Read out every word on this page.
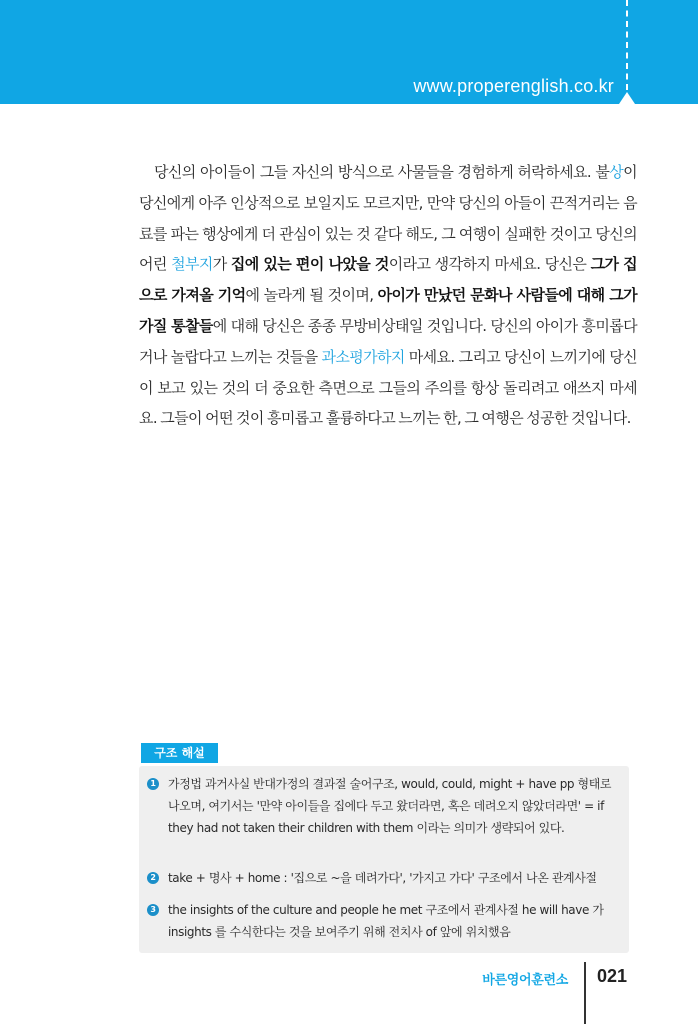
www.properenglish.co.kr
당신의 아이들이 그들 자신의 방식으로 사물들을 경험하게 허락하세요. 불상이 당신에게 아주 인상적으로 보일지도 모르지만, 만약 당신의 아들이 끈적거리는 음료를 파는 행상에게 더 관심이 있는 것 같다 해도, 그 여행이 실패한 것이고 당신의 어린 철부지가 집에 있는 편이 나았을 것이라고 생각하지 마세요. 당신은 그가 집으로 가져올 기억에 놀라게 될 것이며, 아이가 만났던 문화나 사람들에 대해 그가 가질 통찰들에 대해 당신은 종종 무방비상태일 것입니다. 당신의 아이가 흥미롭다거나 놀랍다고 느끼는 것들을 과소평가하지 마세요. 그리고 당신이 느끼기에 당신이 보고 있는 것의 더 중요한 측면으로 그들의 주의를 항상 돌리려고 애쓰지 마세요. 그들이 어떤 것이 흥미롭고 훌륭하다고 느끼는 한, 그 여행은 성공한 것입니다.
구조 해설
1	가정법 과거사실 반대가정의 결과절 술어구조, would, could, might + have pp 형태로 나오며, 여기서는 '만약 아이들을 집에다 두고 왔더라면, 혹은 데려오지 않았더라면' = if they had not taken their children with them 이라는 의미가 생략되어 있다.
2	take + 명사 + home : '집으로 ~을 데려가다', '가지고 가다' 구조에서 나온 관계사절
3	the insights of the culture and people he met 구조에서 관계사절 he will have 가 insights 를 수식한다는 것을 보여주기 위해 전치사 of 앞에 위치했음
바른영어훈련소 021
